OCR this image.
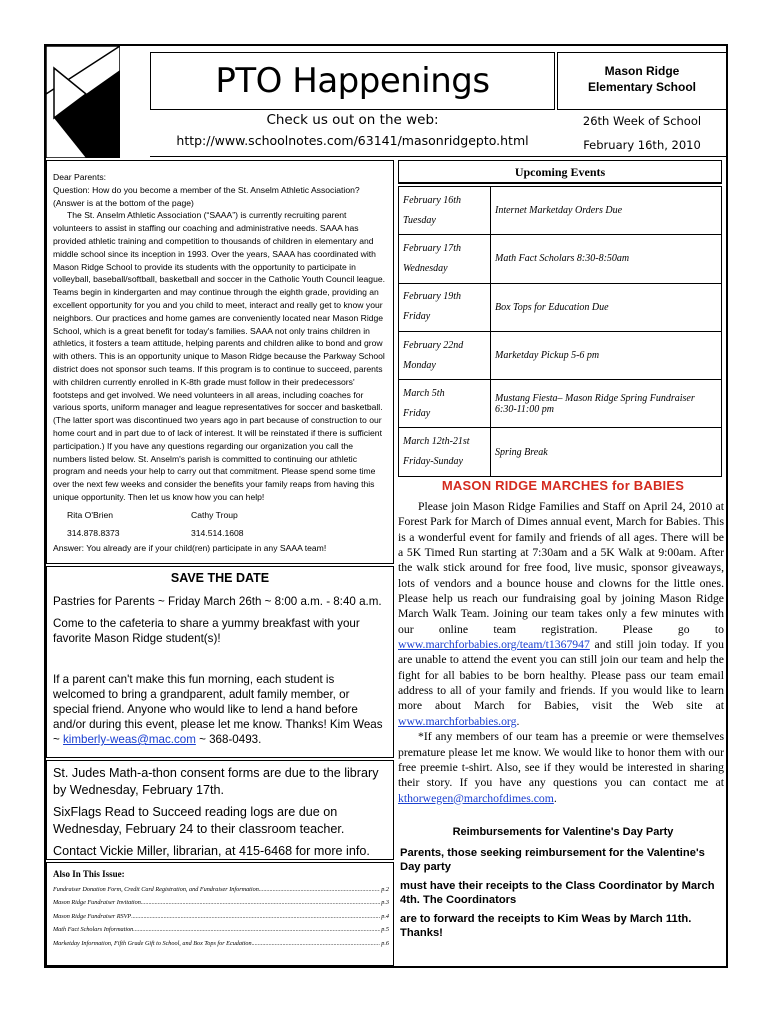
PTO Happenings
Check us out on the web:
http://www.schoolnotes.com/63141/masonridgepto.html
Mason Ridge
Elementary School
26th Week of School
February 16th, 2010

Dear Parents:

Question: How do you become a member of the St. Anselm Athletic Association?

(Answer is at the bottom of the page)

The St. Anselm Athletic Association (“SAAA”) is currently recruiting parent volunteers to assist in staffing our coaching and administrative needs. SAAA has provided athletic training and competition to thousands of children in elementary and middle school since its inception in 1993. Over the years, SAAA has coordinated with Mason Ridge School to provide its students with the opportunity to participate in volleyball, baseball/softball, basketball and soccer in the Catholic Youth Council league. Teams begin in kindergarten and may continue through the eighth grade, providing an excellent opportunity for you and you child to meet, interact and really get to know your neighbors. Our practices and home games are conveniently located near Mason Ridge School, which is a great benefit for today's families. SAAA not only trains children in athletics, it fosters a team attitude, helping parents and children alike to bond and grow with others. This is an opportunity unique to Mason Ridge because the Parkway School district does not sponsor such teams. If this program is to continue to succeed, parents with children currently enrolled in K-8th grade must follow in their predecessors' footsteps and get involved. We need volunteers in all areas, including coaches for various sports, uniform manager and league representatives for soccer and basketball. (The latter sport was discontinued two years ago in part because of construction to our home court and in part due to of lack of interest. It will be reinstated if there is sufficient participation.) If you have any questions regarding our organization you call the numbers listed below. St. Anselm's parish is committed to continuing our athletic program and needs your help to carry out that commitment. Please spend some time over the next few weeks and consider the benefits your family reaps from having this unique opportunity. Then let us know how you can help!

Rita O'Brien
314.878.8373
Cathy Troup
314.514.1608

Answer: You already are if your child(ren) participate in any SAAA team!

SAVE THE DATE

Pastries for Parents ~ Friday March 26th ~ 8:00 a.m. - 8:40 a.m.

Come to the cafeteria to share a yummy breakfast with your favorite Mason Ridge student(s)!

If a parent can't make this fun morning, each student is welcomed to bring a grandparent, adult family member, or special friend. Anyone who would like to lend a hand before and/or during this event, please let me know. Thanks! Kim Weas ~ kimberly-weas@mac.com ~ 368-0493.

St. Judes Math-a-thon consent forms are due to the library by Wednesday, February 17th.

SixFlags Read to Succeed reading logs are due on Wednesday, February 24 to their classroom teacher.

Contact Vickie Miller, librarian, at 415-6468 for more info.

Also In This Issue:
Fundraiser Donation Form, Credit Card Registration, and Fundraiser Information .....	p.2
Mason Ridge Fundraiser Invitation .....	p.3
Mason Ridge Fundraiser RSVP .....	p.4
Math Fact Scholars Information .....	p.5
Marketday Information, Fifth Grade Gift to School, and Box Tops for Ecudation .....	p.6
Upcoming Events
February 16th
Tuesday	Internet Marketday Orders Due

February 17th
Wednesday	Math Fact Scholars 8:30-8:50am

February 19th
Friday	Box Tops for Education Due

February 22nd
Monday	Marketday Pickup 5-6 pm

March 5th
Friday	Mustang Fiesta– Mason Ridge Spring Fundraiser 6:30-11:00 pm

March 12th-21st
Friday-Sunday	Spring Break
MASON RIDGE MARCHES for BABIES

Please join Mason Ridge Families and Staff on April 24, 2010 at Forest Park for March of Dimes annual event, March for Babies. This is a wonderful event for family and friends of all ages. There will be a 5K Timed Run starting at 7:30am and a 5K Walk at 9:00am. After the walk stick around for free food, live music, sponsor giveaways, lots of vendors and a bounce house and clowns for the little ones. Please help us reach our fundraising goal by joining Mason Ridge March Walk Team. Joining our team takes only a few minutes with our online team registration. Please go to www.marchforbabies.org/team/t1367947 and still join today. If you are unable to attend the event you can still join our team and help the fight for all babies to be born healthy. Please pass our team email address to all of your family and friends. If you would like to learn more about March for Babies, visit the Web site at www.marchforbabies.org.

*If any members of our team has a preemie or were themselves premature please let me know. We would like to honor them with our free preemie t-shirt. Also, see if they would be interested in sharing their story. If you have any questions you can contact me at kthorwegen@marchofdimes.com.

Reimbursements for Valentine's Day Party

Parents, those seeking reimbursement for the Valentine's Day party

must have their receipts to the Class Coordinator by March 4th. The Coordinators

are to forward the receipts to Kim Weas by March 11th. Thanks!
